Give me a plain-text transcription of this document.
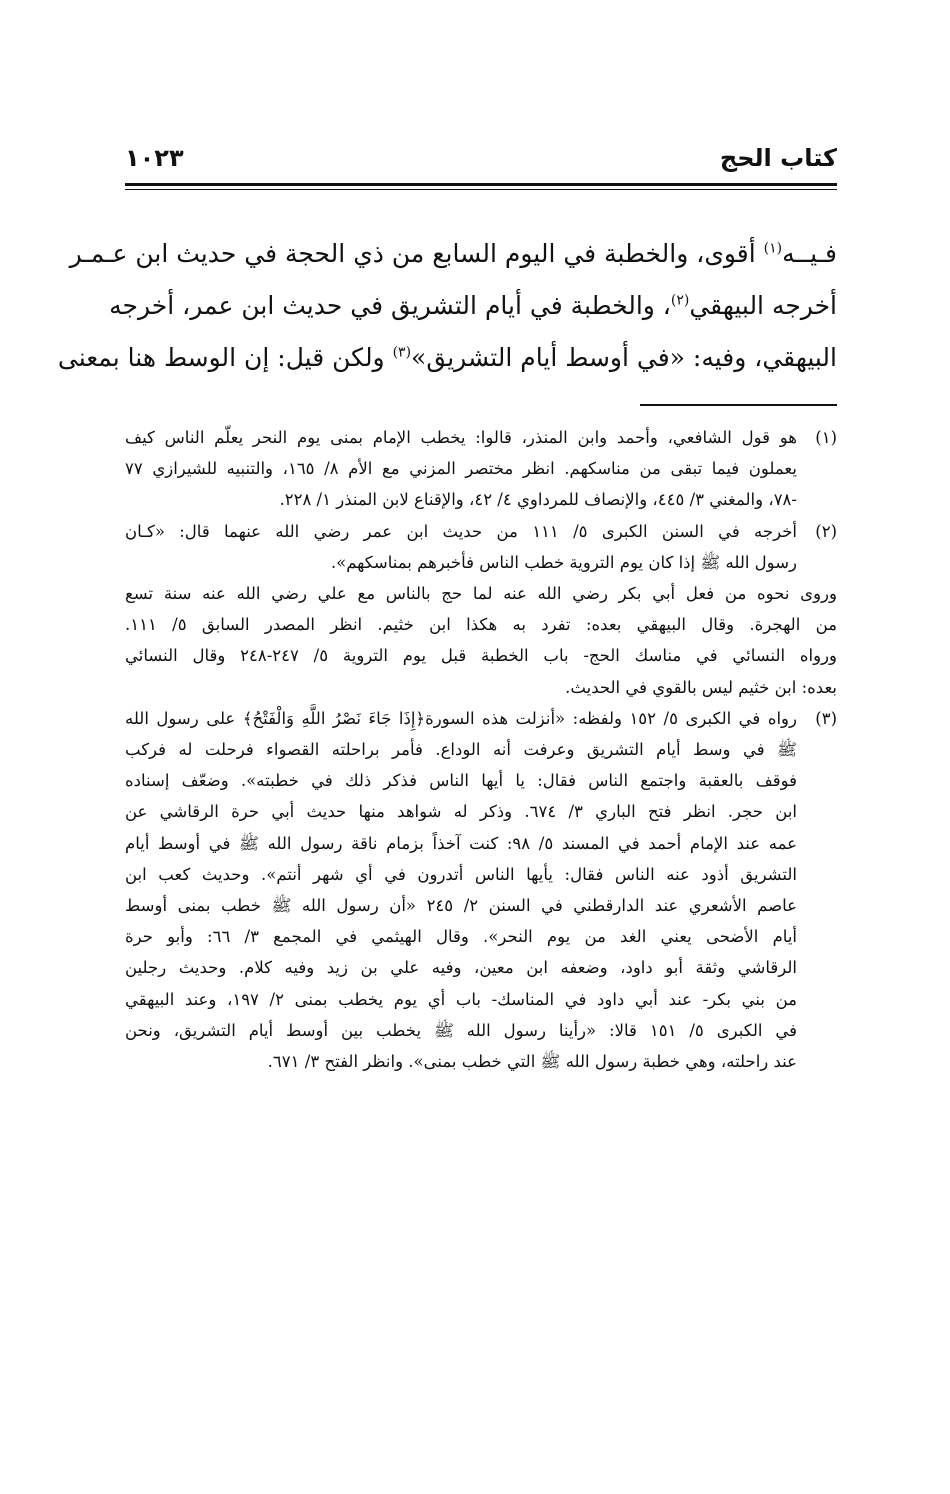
كتاب الحج
١٠٢٣
فـيــه$^{(١)}$ أقوى، والخطبة في اليوم السابع من ذي الحجة في حديث ابن عـمـر
أخرجه البيهقي$^{(٢)}$، والخطبة في أيام التشريق في حديث ابن عمر، أخرجه
البيهقي، وفيه: «في أوسط أيام التشريق»$^{(٣)}$ ولكن قيل: إن الوسط هنا بمعنى
(١)
هو قول الشافعي، وأحمد وابن المنذر، قالوا: يخطب الإمام بمنى يوم النحر يعلّم الناس كيف
يعملون فيما تبقى من مناسكهم. انظر مختصر المزني مع الأم ٨/ ١٦٥، والتنبيه للشيرازي ٧٧
-٧٨، والمغني ٣/ ٤٤٥، والإنصاف للمرداوي ٤/ ٤٢، والإقناع لابن المنذر ١/ ٢٢٨.
(٢)
أخرجه في السنن الكبرى ٥/ ١١١ من حديث ابن عمر رضي الله عنهما قال: «كـان
رسول الله ﷺ إذا كان يوم التروية خطب الناس فأخبرهم بمناسكهم».
وروى نحوه من فعل أبي بكر رضي الله عنه لما حج بالناس مع علي رضي الله عنه سنة تسع
من الهجرة. وقال البيهقي بعده: تفرد به هكذا ابن خثيم. انظر المصدر السابق ٥/ ١١١.
ورواه النسائي في مناسك الحج- باب الخطبة قبل يوم التروية ٥/ ٢٤٧-٢٤٨ وقال النسائي
بعده: ابن خثيم ليس بالقوي في الحديث.
(٣)
رواه في الكبرى ٥/ ١٥٢ ولفظه: «أنزلت هذه السورة﴿إِذَا جَاءَ نَصْرُ اللَّهِ وَالْفَتْحُ﴾ على رسول الله
ﷺ في وسط أيام التشريق وعرفت أنه الوداع. فأمر براحلته القصواء فرحلت له فركب
فوقف بالعقبة واجتمع الناس فقال: يا أيها الناس فذكر ذلك في خطبته». وضعّف إسناده
ابن حجر. انظر فتح الباري ٣/ ٦٧٤. وذكر له شواهد منها حديث أبي حرة الرقاشي عن
عمه عند الإمام أحمد في المسند ٥/ ٩٨: كنت آخذاً بزمام ناقة رسول الله ﷺ في أوسط أيام
التشريق أذود عنه الناس فقال: يأيها الناس أتدرون في أي شهر أنتم». وحديث كعب ابن
عاصم الأشعري عند الدارقطني في السنن ٢/ ٢٤٥ «أن رسول الله ﷺ خطب بمنى أوسط
أيام الأضحى يعني الغد من يوم النحر». وقال الهيثمي في المجمع ٣/ ٦٦: وأبو حرة
الرقاشي وثقة أبو داود، وضعفه ابن معين، وفيه علي بن زيد وفيه كلام. وحديث رجلين
من بني بكر- عند أبي داود في المناسك- باب أي يوم يخطب بمنى ٢/ ١٩٧، وعند البيهقي
في الكبرى ٥/ ١٥١ قالا: «رأينا رسول الله ﷺ يخطب بين أوسط أيام التشريق، ونحن
عند راحلته، وهي خطبة رسول الله ﷺ التي خطب بمنى». وانظر الفتح ٣/ ٦٧١.
